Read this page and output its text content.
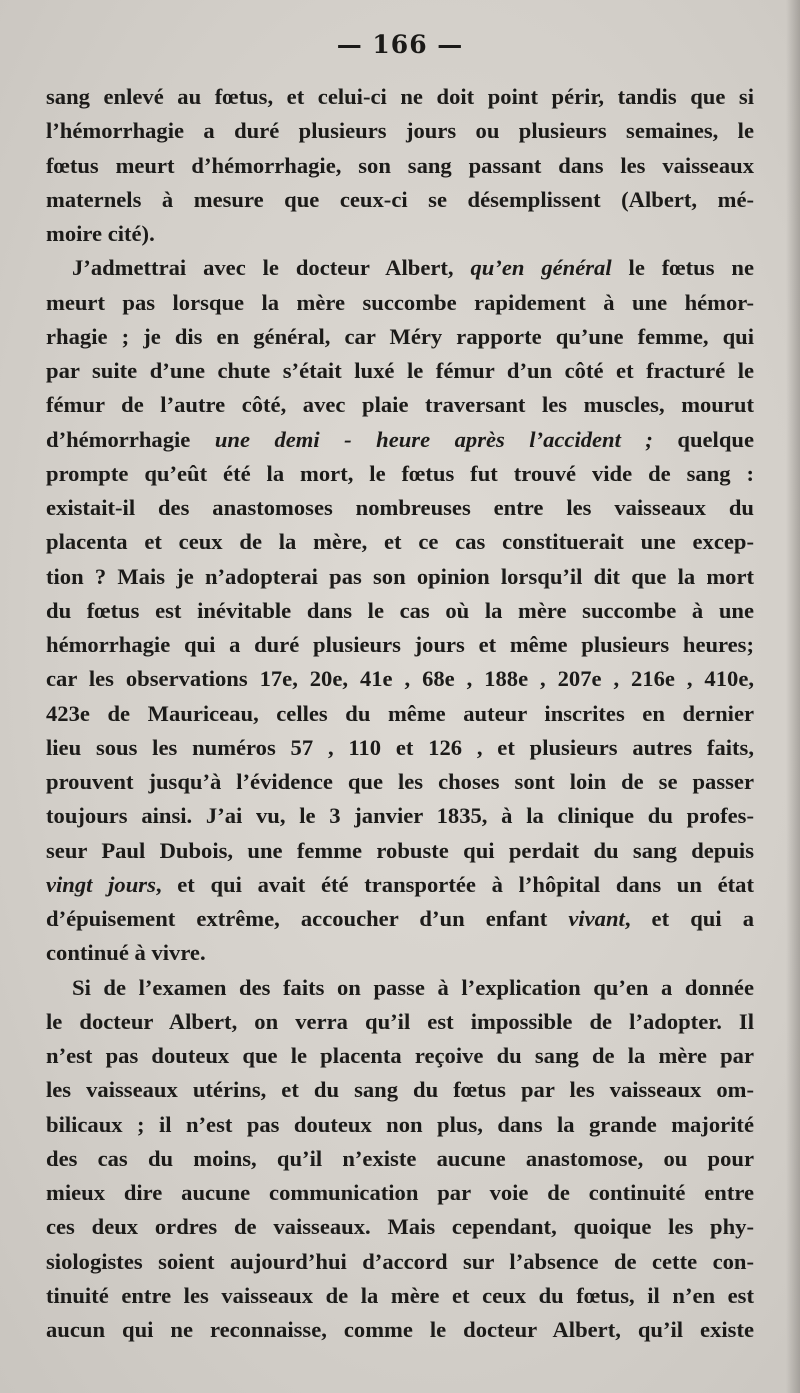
— 166 —
sang enlevé au fœtus, et celui-ci ne doit point périr, tandis que si
l’hémorrhagie a duré plusieurs jours ou plusieurs semaines, le
fœtus meurt d’hémorrhagie, son sang passant dans les vaisseaux
maternels à mesure que ceux-ci se désemplissent (Albert, mé-
moire cité).
J’admettrai avec le docteur Albert, qu’en général le fœtus ne
meurt pas lorsque la mère succombe rapidement à une hémor-
rhagie ; je dis en général, car Méry rapporte qu’une femme, qui
par suite d’une chute s’était luxé le fémur d’un côté et fracturé le
fémur de l’autre côté, avec plaie traversant les muscles, mourut
d’hémorrhagie une demi - heure après l’accident ; quelque
prompte qu’eût été la mort, le fœtus fut trouvé vide de sang :
existait-il des anastomoses nombreuses entre les vaisseaux du
placenta et ceux de la mère, et ce cas constituerait une excep-
tion ? Mais je n’adopterai pas son opinion lorsqu’il dit que la mort
du fœtus est inévitable dans le cas où la mère succombe à une
hémorrhagie qui a duré plusieurs jours et même plusieurs heures;
car les observations 17e, 20e, 41e , 68e , 188e , 207e , 216e , 410e,
423e de Mauriceau, celles du même auteur inscrites en dernier
lieu sous les numéros 57 , 110 et 126 , et plusieurs autres faits,
prouvent jusqu’à l’évidence que les choses sont loin de se passer
toujours ainsi. J’ai vu, le 3 janvier 1835, à la clinique du profes-
seur Paul Dubois, une femme robuste qui perdait du sang depuis
vingt jours, et qui avait été transportée à l’hôpital dans un état
d’épuisement extrême, accoucher d’un enfant vivant, et qui a
continué à vivre.
Si de l’examen des faits on passe à l’explication qu’en a donnée
le docteur Albert, on verra qu’il est impossible de l’adopter. Il
n’est pas douteux que le placenta reçoive du sang de la mère par
les vaisseaux utérins, et du sang du fœtus par les vaisseaux om-
bilicaux ; il n’est pas douteux non plus, dans la grande majorité
des cas du moins, qu’il n’existe aucune anastomose, ou pour
mieux dire aucune communication par voie de continuité entre
ces deux ordres de vaisseaux. Mais cependant, quoique les phy-
siologistes soient aujourd’hui d’accord sur l’absence de cette con-
tinuité entre les vaisseaux de la mère et ceux du fœtus, il n’en est
aucun qui ne reconnaisse, comme le docteur Albert, qu’il existe
